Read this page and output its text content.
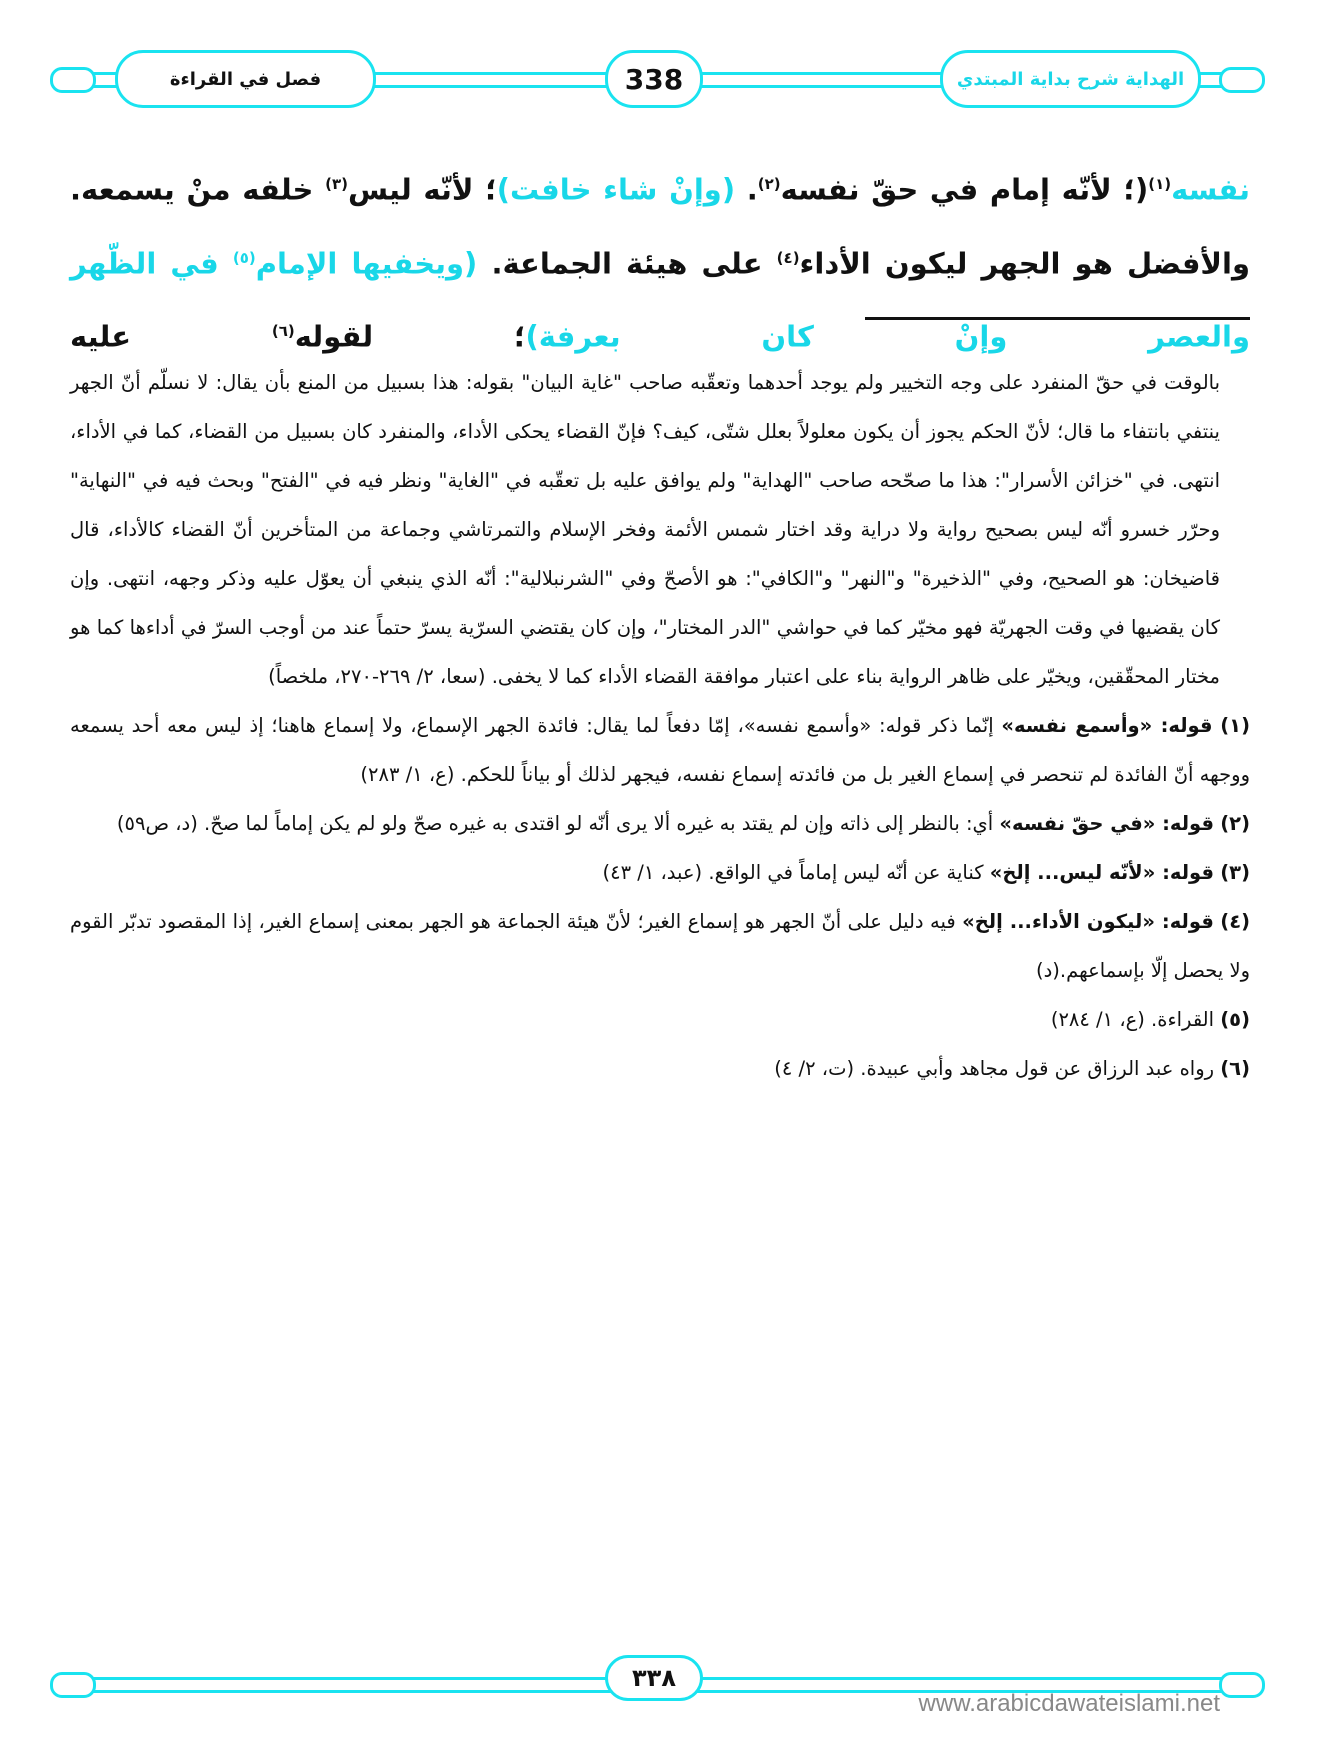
فصل في القراءة	338	الهداية شرح بداية المبتدي
نفسه$^{(١)}$(؛ لأنّه إمام في حقّ نفسه$^{(٢)}$. (وإنْ شاء خافت)؛ لأنّه ليس$^{(٣)}$ خلفه منْ يسمعه. والأفضل هو الجهر ليكون الأداء$^{(٤)}$ على هيئة الجماعة. (ويخفيها الإمام$^{(٥)}$ في الظّهر والعصر وإنْ كان بعرفة)؛ لقوله$^{(٦)}$ عليه

بالوقت في حقّ المنفرد على وجه التخيير ولم يوجد أحدهما وتعقّبه صاحب "غاية البيان" بقوله: هذا بسبيل من المنع بأن يقال: لا نسلّم أنّ الجهر ينتفي بانتفاء ما قال؛ لأنّ الحكم يجوز أن يكون معلولاً بعلل شتّى، كيف؟ فإنّ القضاء يحكى الأداء، والمنفرد كان بسبيل من القضاء، كما في الأداء، انتهى. في "خزائن الأسرار": هذا ما صحّحه صاحب "الهداية" ولم يوافق عليه بل تعقّبه في "الغاية" ونظر فيه في "الفتح" وبحث فيه في "النهاية" وحرّر خسرو أنّه ليس بصحيح رواية ولا دراية وقد اختار شمس الأئمة وفخر الإسلام والتمرتاشي وجماعة من المتأخرين أنّ القضاء كالأداء، قال قاضيخان: هو الصحيح، وفي "الذخيرة" و"النهر" و"الكافي": هو الأصحّ وفي "الشرنبلالية": أنّه الذي ينبغي أن يعوّل عليه وذكر وجهه، انتهى. وإن كان يقضيها في وقت الجهريّة فهو مخيّر كما في حواشي "الدر المختار"، وإن كان يقتضي السرّية يسرّ حتماً عند من أوجب السرّ في أداءها كما هو مختار المحقّقين، ويخيّر على ظاهر الرواية بناء على اعتبار موافقة القضاء الأداء كما لا يخفى. (سعا، ٢/ ٢٦٩-٢٧٠، ملخصاً)

(١) قوله: «وأسمع نفسه» إنّما ذكر قوله: «وأسمع نفسه»، إمّا دفعاً لما يقال: فائدة الجهر الإسماع، ولا إسماع هاهنا؛ إذ ليس معه أحد يسمعه ووجهه أنّ الفائدة لم تنحصر في إسماع الغير بل من فائدته إسماع نفسه، فيجهر لذلك أو بياناً للحكم. (ع، ١/ ٢٨٣)

(٢) قوله: «في حقّ نفسه» أي: بالنظر إلى ذاته وإن لم يقتد به غيره ألا يرى أنّه لو اقتدى به غيره صحّ ولو لم يكن إماماً لما صحّ. (د، ص٥٩)

(٣) قوله: «لأنّه ليس... إلخ» كناية عن أنّه ليس إماماً في الواقع. (عبد، ١/ ٤٣)

(٤) قوله: «ليكون الأداء... إلخ» فيه دليل على أنّ الجهر هو إسماع الغير؛ لأنّ هيئة الجماعة هو الجهر بمعنى إسماع الغير، إذا المقصود تدبّر القوم ولا يحصل إلّا بإسماعهم.(د)

(٥) القراءة. (ع، ١/ ٢٨٤)

(٦) رواه عبد الرزاق عن قول مجاهد وأبي عبيدة. (ت، ٢/ ٤)

٣٣٨
www.arabicdawateislami.net
